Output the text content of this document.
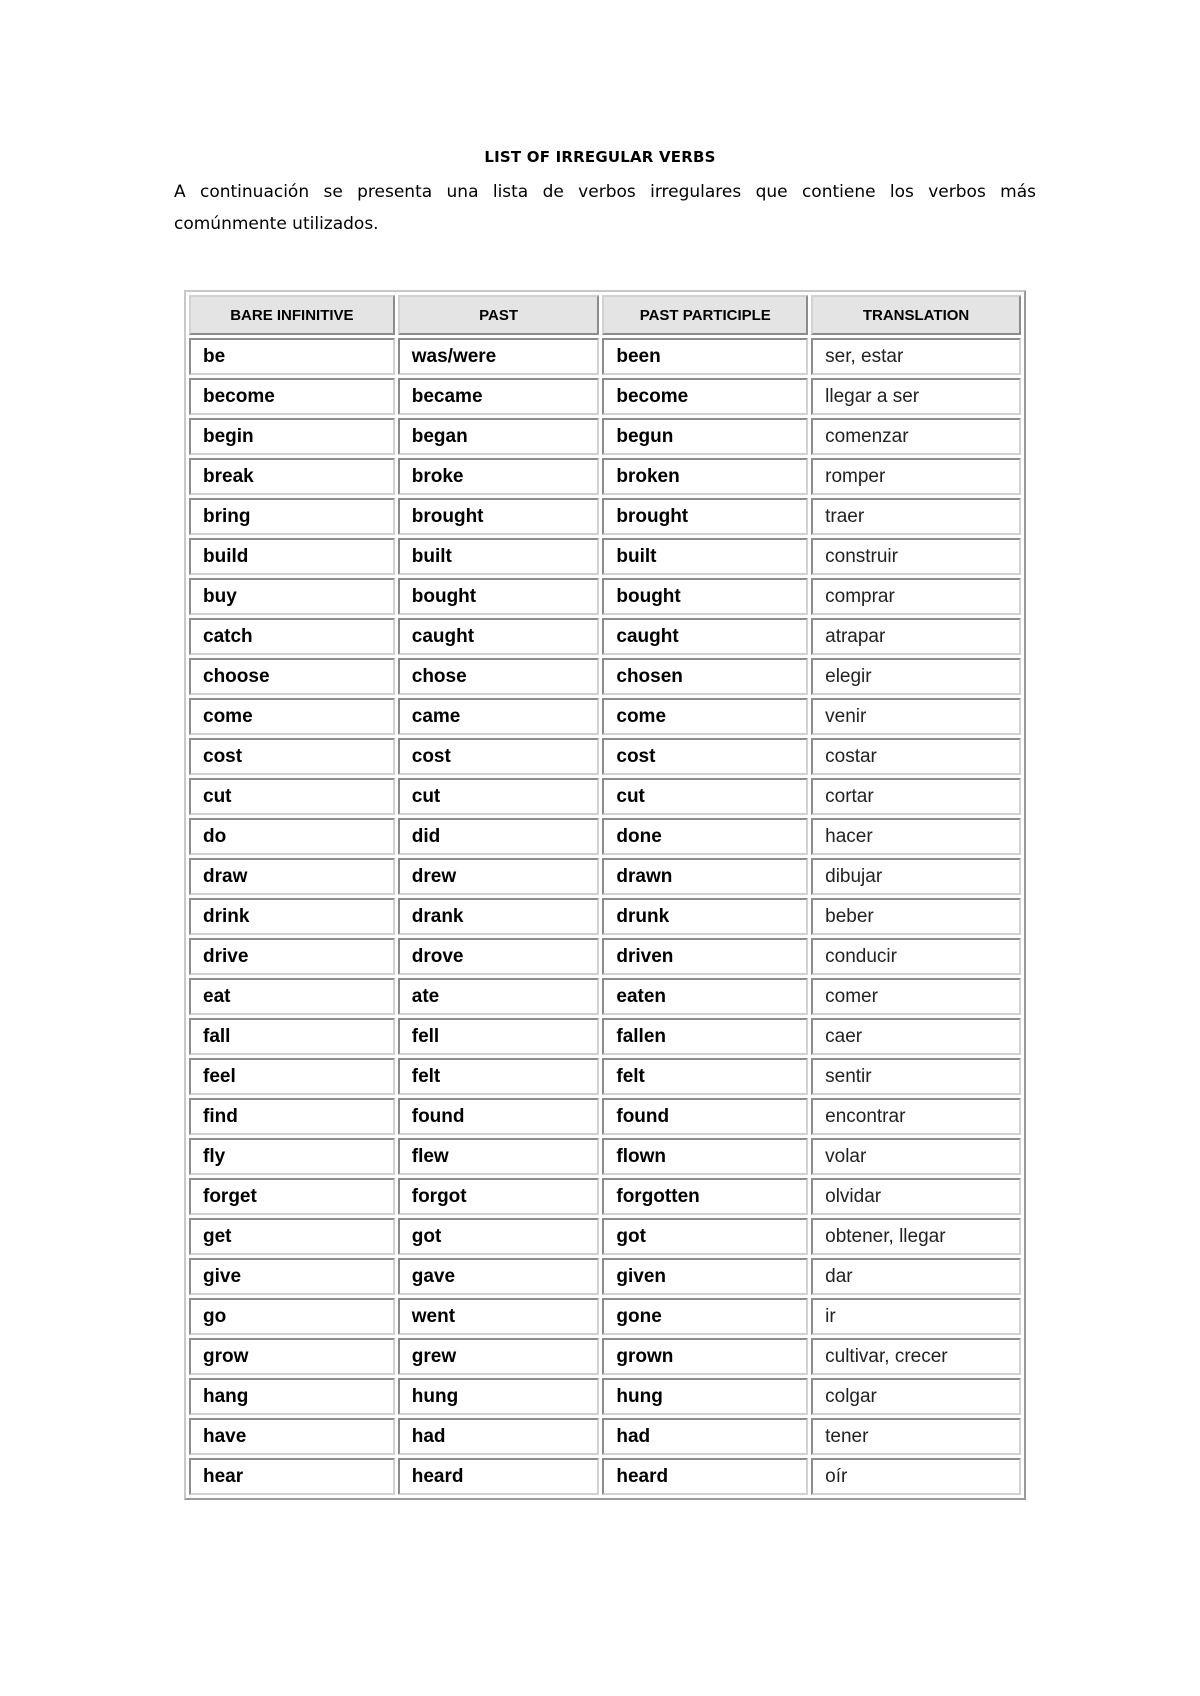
LIST OF IRREGULAR VERBS
A continuación se presenta una lista de verbos irregulares que contiene los verbos más comúnmente utilizados.
BARE INFINITIVE	PAST	PAST PARTICIPLE	TRANSLATION
be	was/were	been	ser, estar
become	became	become	llegar a ser
begin	began	begun	comenzar
break	broke	broken	romper
bring	brought	brought	traer
build	built	built	construir
buy	bought	bought	comprar
catch	caught	caught	atrapar
choose	chose	chosen	elegir
come	came	come	venir
cost	cost	cost	costar
cut	cut	cut	cortar
do	did	done	hacer
draw	drew	drawn	dibujar
drink	drank	drunk	beber
drive	drove	driven	conducir
eat	ate	eaten	comer
fall	fell	fallen	caer
feel	felt	felt	sentir
find	found	found	encontrar
fly	flew	flown	volar
forget	forgot	forgotten	olvidar
get	got	got	obtener, llegar
give	gave	given	dar
go	went	gone	ir
grow	grew	grown	cultivar, crecer
hang	hung	hung	colgar
have	had	had	tener
hear	heard	heard	oír
